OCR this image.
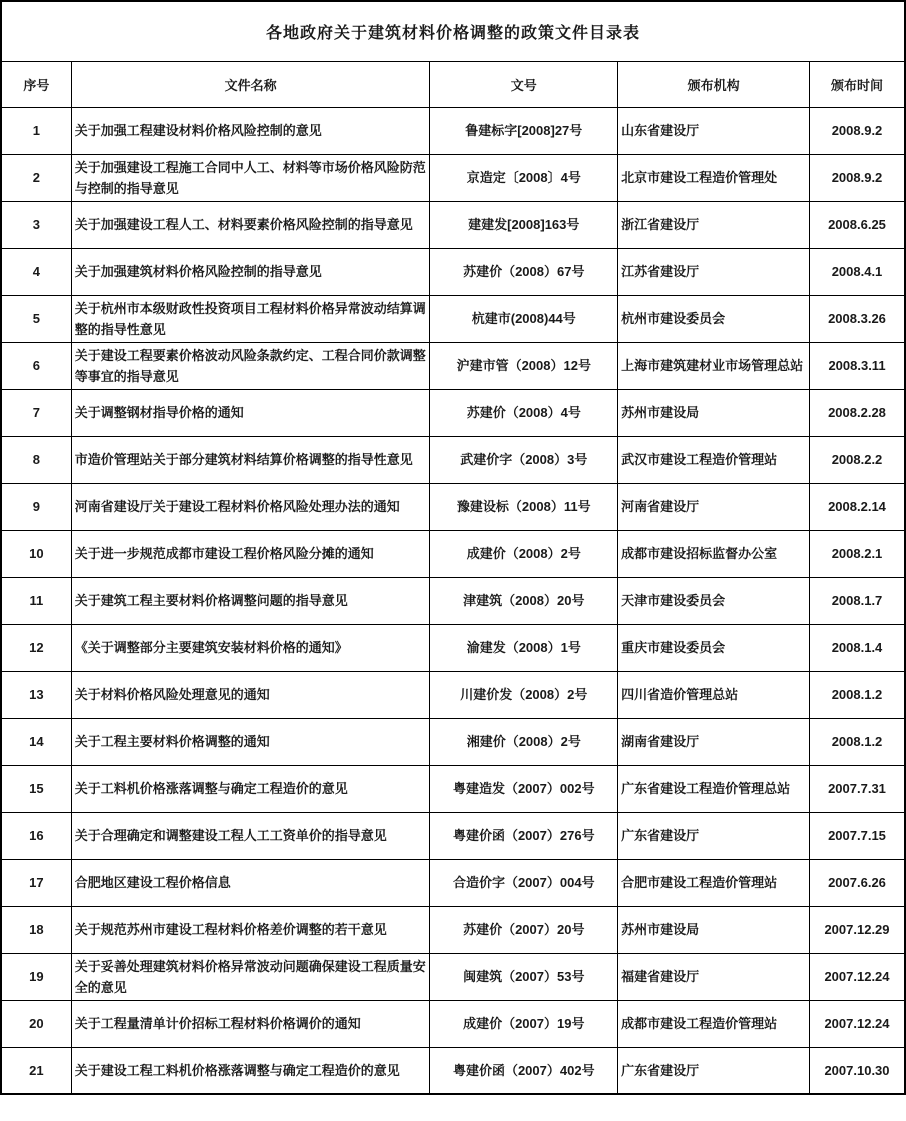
各地政府关于建筑材料价格调整的政策文件目录表				
序号	文件名称	文号	颁布机构	颁布时间
1	关于加强工程建设材料价格风险控制的意见	鲁建标字[2008]27号	山东省建设厅	2008.9.2
2	关于加强建设工程施工合同中人工、材料等市场价格风险防范与控制的指导意见	京造定〔2008〕4号	北京市建设工程造价管理处	2008.9.2
3	关于加强建设工程人工、材料要素价格风险控制的指导意见	建建发[2008]163号	浙江省建设厅	2008.6.25
4	关于加强建筑材料价格风险控制的指导意见	苏建价（2008）67号	江苏省建设厅	2008.4.1
5	关于杭州市本级财政性投资项目工程材料价格异常波动结算调整的指导性意见	杭建市(2008)44号	杭州市建设委员会	2008.3.26
6	关于建设工程要素价格波动风险条款约定、工程合同价款调整等事宜的指导意见	沪建市管（2008）12号	上海市建筑建材业市场管理总站	2008.3.11
7	关于调整钢材指导价格的通知	苏建价（2008）4号	苏州市建设局	2008.2.28
8	市造价管理站关于部分建筑材料结算价格调整的指导性意见	武建价字（2008）3号	武汉市建设工程造价管理站	2008.2.2
9	河南省建设厅关于建设工程材料价格风险处理办法的通知	豫建设标（2008）11号	河南省建设厅	2008.2.14
10	关于进一步规范成都市建设工程价格风险分摊的通知	成建价（2008）2号	成都市建设招标监督办公室	2008.2.1
11	关于建筑工程主要材料价格调整问题的指导意见	津建筑（2008）20号	天津市建设委员会	2008.1.7
12	《关于调整部分主要建筑安装材料价格的通知》	渝建发（2008）1号	重庆市建设委员会	2008.1.4
13	关于材料价格风险处理意见的通知	川建价发（2008）2号	四川省造价管理总站	2008.1.2
14	关于工程主要材料价格调整的通知	湘建价（2008）2号	湖南省建设厅	2008.1.2
15	关于工料机价格涨落调整与确定工程造价的意见	粤建造发（2007）002号	广东省建设工程造价管理总站	2007.7.31
16	关于合理确定和调整建设工程人工工资单价的指导意见	粤建价函（2007）276号	广东省建设厅	2007.7.15
17	合肥地区建设工程价格信息	合造价字（2007）004号	合肥市建设工程造价管理站	2007.6.26
18	关于规范苏州市建设工程材料价格差价调整的若干意见	苏建价（2007）20号	苏州市建设局	2007.12.29
19	关于妥善处理建筑材料价格异常波动问题确保建设工程质量安全的意见	闽建筑（2007）53号	福建省建设厅	2007.12.24
20	关于工程量清单计价招标工程材料价格调价的通知	成建价（2007）19号	成都市建设工程造价管理站	2007.12.24
21	关于建设工程工料机价格涨落调整与确定工程造价的意见	粤建价函（2007）402号	广东省建设厅	2007.10.30
